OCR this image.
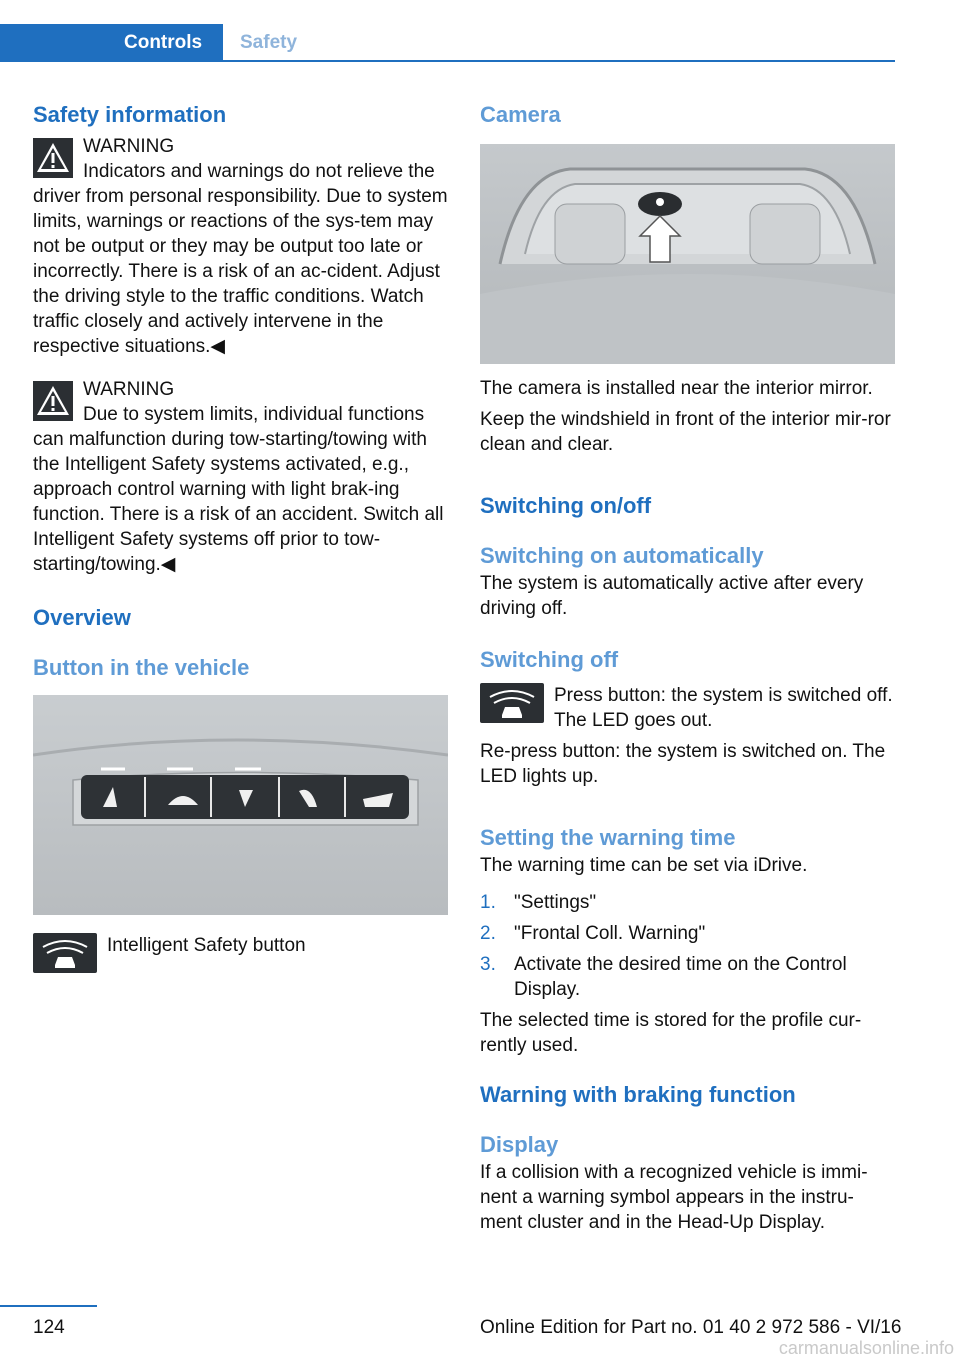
Controls	Safety
Safety information
WARNING
Indicators and warnings do not relieve the driver from personal responsibility. Due to system limits, warnings or reactions of the sys‐tem may not be output or they may be output too late or incorrectly. There is a risk of an ac‐cident. Adjust the driving style to the traffic conditions. Watch traffic closely and actively intervene in the respective situations.◀
WARNING
Due to system limits, individual functions can malfunction during tow-starting/towing with the Intelligent Safety systems activated, e.g., approach control warning with light brak‐ing function. There is a risk of an accident. Switch all Intelligent Safety systems off prior to tow-starting/towing.◀
Overview
Button in the vehicle

Intelligent Safety button

Camera

The camera is installed near the interior mirror.

Keep the windshield in front of the interior mir‐ror clean and clear.

Switching on/off
Switching on automatically

The system is automatically active after every driving off.

Switching off

Press button: the system is switched off. The LED goes out.

Re-press button: the system is switched on. The LED lights up.

Setting the warning time

The warning time can be set via iDrive.

1. "Settings"
2. "Frontal Coll. Warning"
3. Activate the desired time on the Control Display.

The selected time is stored for the profile cur‐rently used.

Warning with braking function
Display

If a collision with a recognized vehicle is immi‐nent a warning symbol appears in the instru‐ment cluster and in the Head-Up Display.

124	Online Edition for Part no. 01 40 2 972 586 - VI/16
carmanualsonline.info
